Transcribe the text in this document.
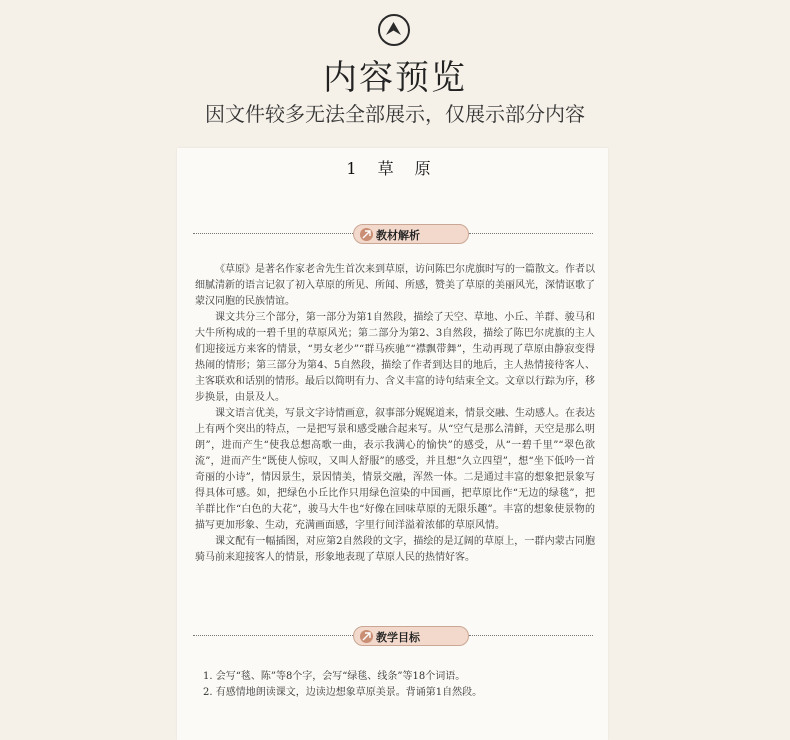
内容预览
因文件较多无法全部展示，仅展示部分内容
1 草 原
教材解析

《草原》是著名作家老舍先生首次来到草原，访问陈巴尔虎旗时写的一篇散文。作者以细腻清新的语言记叙了初入草原的所见、所闻、所感，赞美了草原的美丽风光，深情讴歌了蒙汉同胞的民族情谊。

课文共分三个部分，第一部分为第1自然段，描绘了天空、草地、小丘、羊群、骏马和大牛所构成的一碧千里的草原风光；第二部分为第2、3自然段，描绘了陈巴尔虎旗的主人们迎接远方来客的情景，“男女老少”“群马疾驰”“襟飘带舞”，生动再现了草原由静寂变得热闹的情形；第三部分为第4、5自然段，描绘了作者到达目的地后，主人热情接待客人、主客联欢和话别的情形。最后以简明有力、含义丰富的诗句结束全文。文章以行踪为序，移步换景，由景及人。

课文语言优美，写景文字诗情画意，叙事部分娓娓道来，情景交融、生动感人。在表达上有两个突出的特点，一是把写景和感受融合起来写。从“空气是那么清鲜，天空是那么明朗”，进而产生“使我总想高歌一曲，表示我满心的愉快”的感受，从“一碧千里”“翠色欲流”，进而产生“既使人惊叹，又叫人舒服”的感受，并且想“久立四望”，想“坐下低吟一首奇丽的小诗”，情因景生，景因情美，情景交融，浑然一体。二是通过丰富的想象把景象写得具体可感。如，把绿色小丘比作只用绿色渲染的中国画，把草原比作“无边的绿毯”，把羊群比作“白色的大花”，骏马大牛也“好像在回味草原的无限乐趣”。丰富的想象使景物的描写更加形象、生动，充满画面感，字里行间洋溢着浓郁的草原风情。

课文配有一幅插图，对应第2自然段的文字，描绘的是辽阔的草原上，一群内蒙古同胞骑马前来迎接客人的情景，形象地表现了草原人民的热情好客。

教学目标
1. 会写“毯、陈”等8个字，会写“绿毯、线条”等18个词语。
2. 有感情地朗读课文，边读边想象草原美景。背诵第1自然段。
